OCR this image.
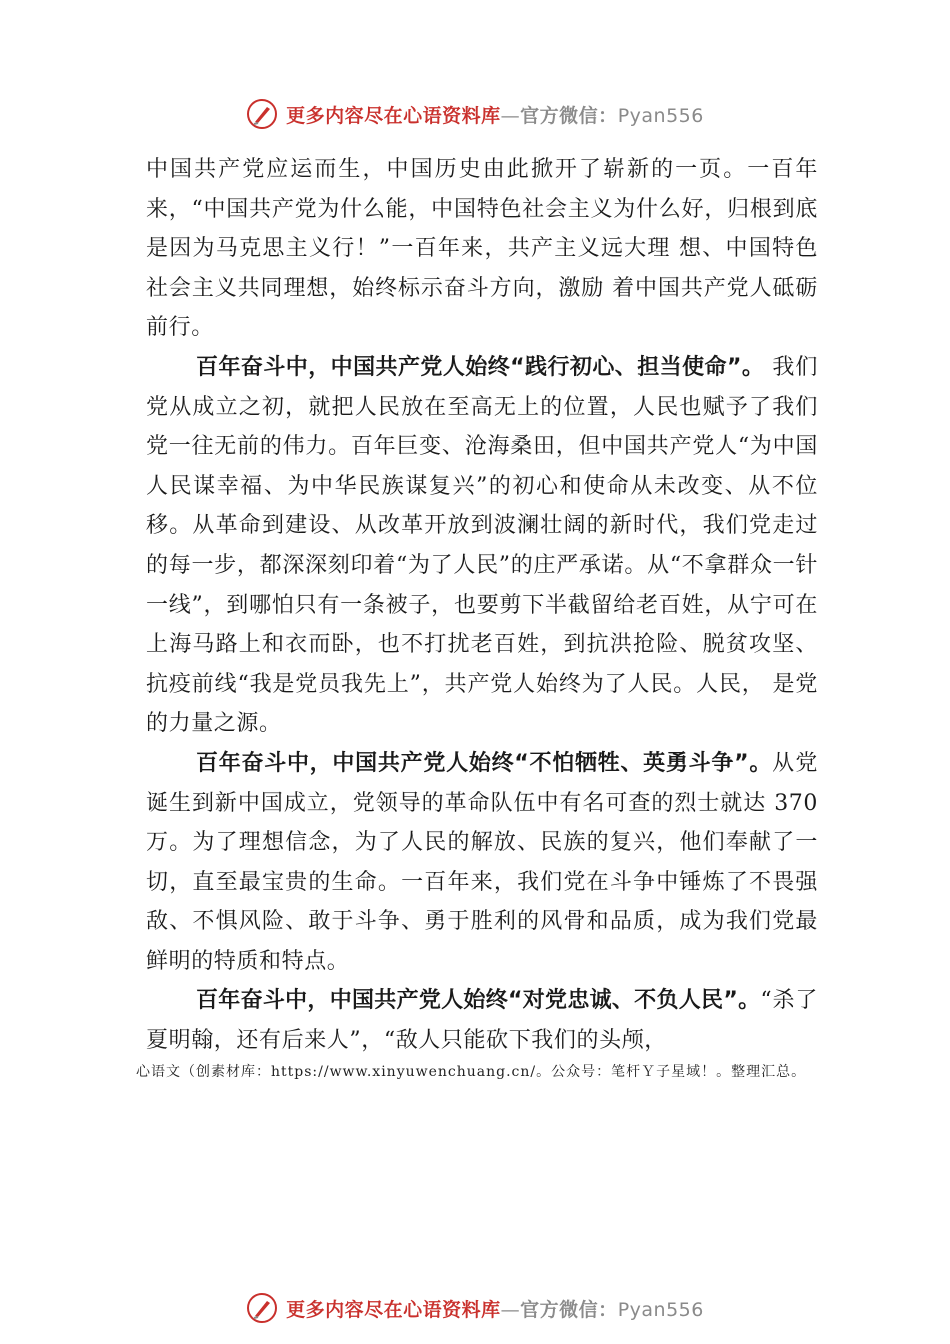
更多内容尽在心语资料库—官方微信：Pyan556

中国共产党应运而生，中国历史由此掀开了崭新的一页。一百年来，“中国共产党为什么能，中国特色社会主义为什么好，归根到底是因为马克思主义行！”一百年来，共产主义远大理 想、中国特色社会主义共同理想，始终标示奋斗方向，激励 着中国共产党人砥砺前行。

百年奋斗中，中国共产党人始终“践行初心、担当使命”。 我们党从成立之初，就把人民放在至高无上的位置，人民也赋予了我们党一往无前的伟力。百年巨变、沧海桑田，但中国共产党人“为中国人民谋幸福、为中华民族谋复兴”的初心和使命从未改变、从不位移。从革命到建设、从改革开放到波澜壮阔的新时代，我们党走过的每一步，都深深刻印着“为了人民”的庄严承诺。从“不拿群众一针一线”，到哪怕只有一条被子，也要剪下半截留给老百姓，从宁可在上海马路上和衣而卧，也不打扰老百姓，到抗洪抢险、脱贫攻坚、抗疫前线“我是党员我先上”，共产党人始终为了人民。人民， 是党的力量之源。

百年奋斗中，中国共产党人始终“不怕牺牲、英勇斗争”。从党诞生到新中国成立，党领导的革命队伍中有名可查的烈士就达 370 万。为了理想信念，为了人民的解放、民族的复兴，他们奉献了一切，直至最宝贵的生命。一百年来，我们党在斗争中锤炼了不畏强敌、不惧风险、敢于斗争、勇于胜利的风骨和品质，成为我们党最鲜明的特质和特点。

百年奋斗中，中国共产党人始终“对党忠诚、不负人民”。“杀了夏明翰，还有后来人”，“敌人只能砍下我们的头颅，

心语文（创素材库：https://www.xinyuwenchuang.cn/。公众号：笔杆Ｙ子星域！。整理汇总。
更多内容尽在心语资料库—官方微信：Pyan556
